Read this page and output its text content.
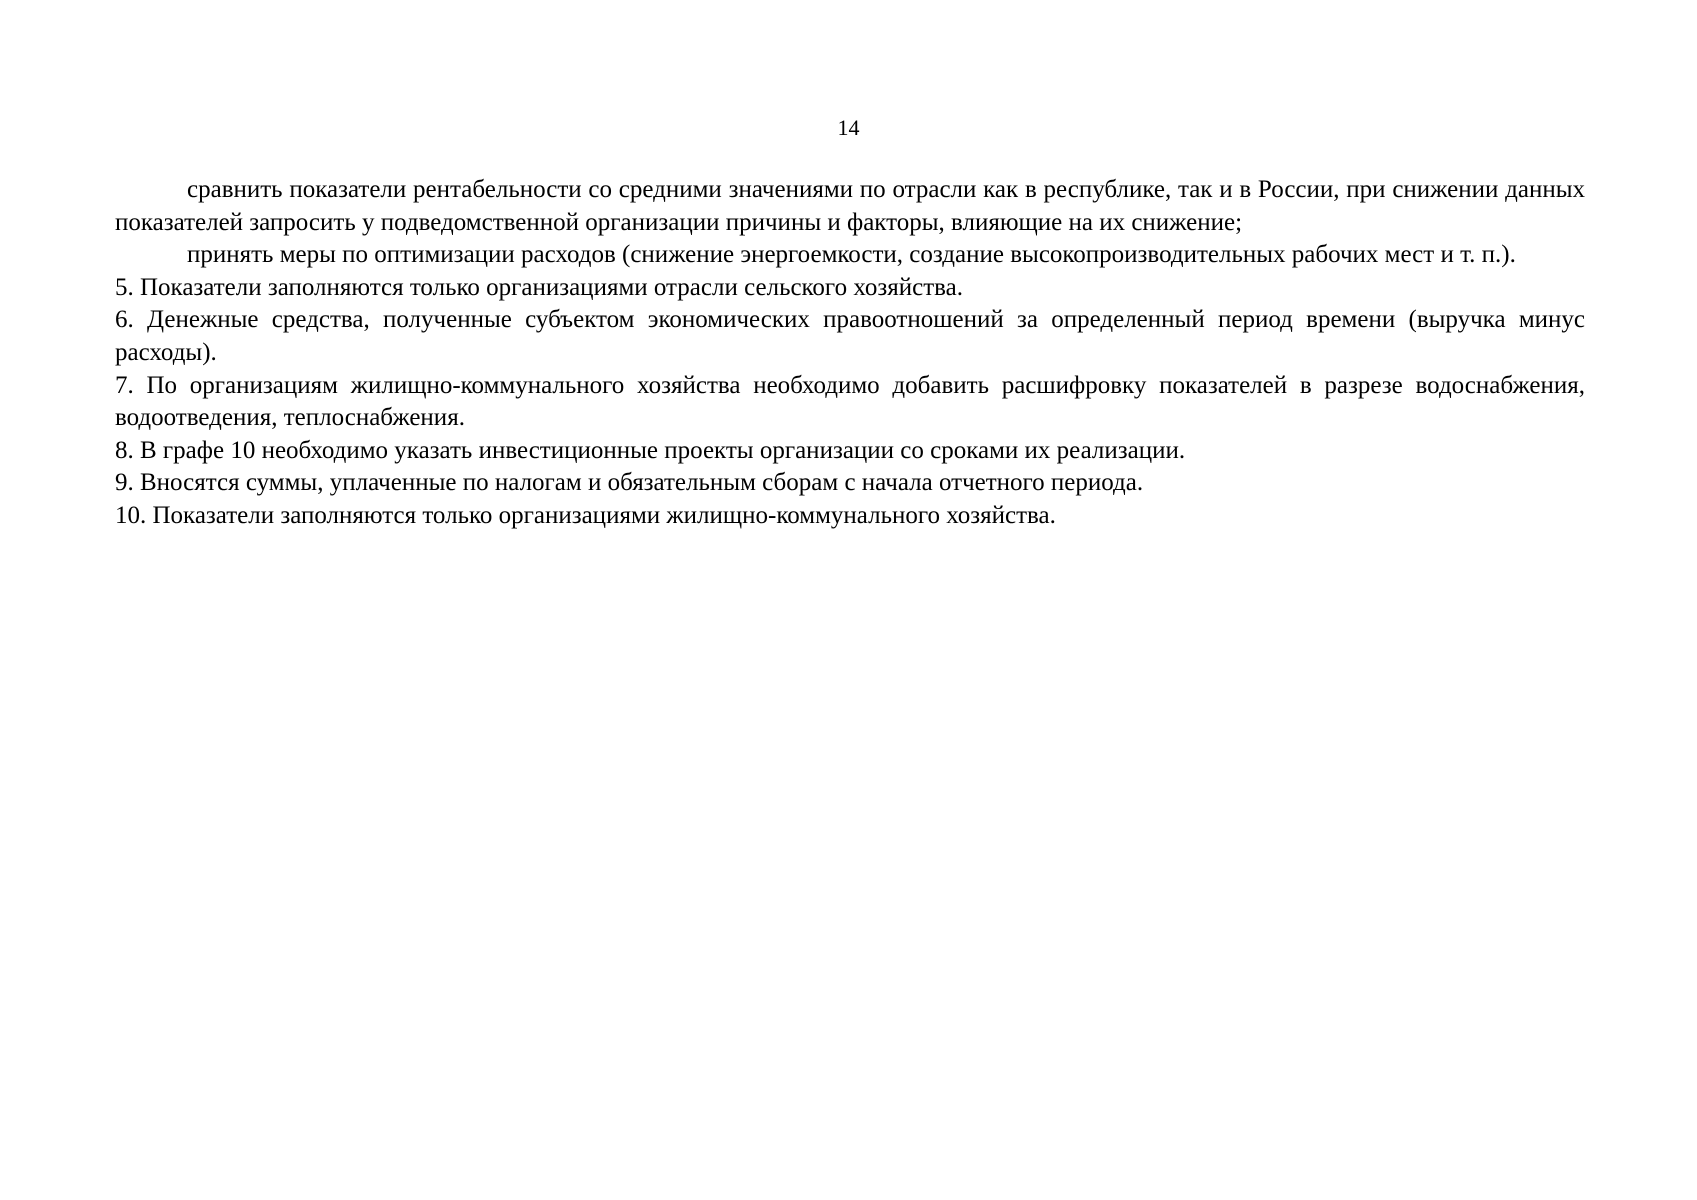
14

сравнить показатели рентабельности со средними значениями по отрасли как в республике, так и в России, при снижении данных показателей запросить у подведомственной организации причины и факторы, влияющие на их снижение;

принять меры по оптимизации расходов (снижение энергоемкости, создание высокопроизводительных рабочих мест и т. п.).

5. Показатели заполняются только организациями отрасли сельского хозяйства.

6. Денежные средства, полученные субъектом экономических правоотношений за определенный период времени (выручка минус расходы).

7. По организациям жилищно-коммунального хозяйства необходимо добавить расшифровку показателей в разрезе водоснабжения, водоотведения, теплоснабжения.

8. В графе 10 необходимо указать инвестиционные проекты организации со сроками их реализации.

9. Вносятся суммы, уплаченные по налогам и обязательным сборам с начала отчетного периода.

10. Показатели заполняются только организациями жилищно-коммунального хозяйства.
